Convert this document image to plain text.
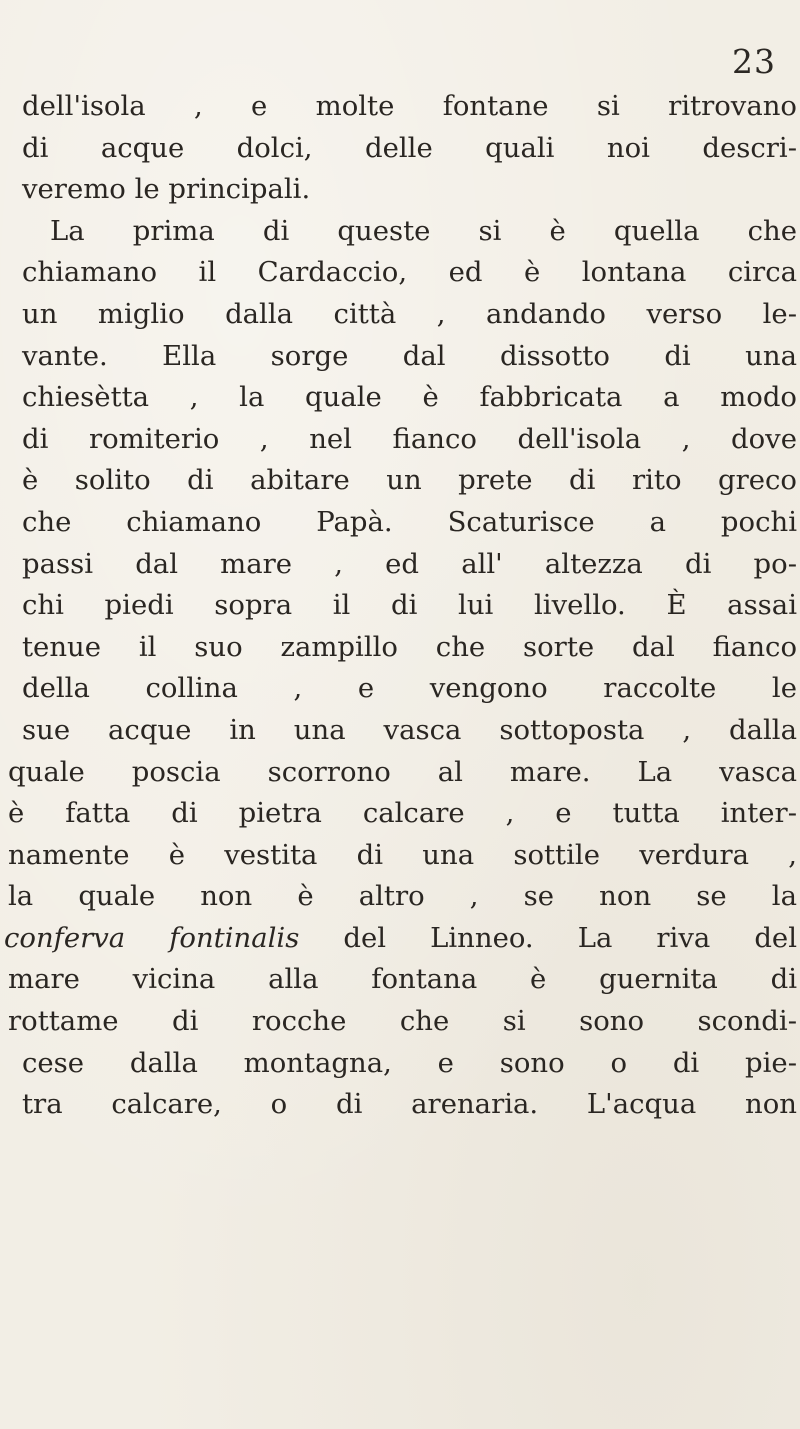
23
dell'isola , e molte fontane si ritrovano
di acque dolci, delle quali noi descri-
veremo le principali.
La prima di queste si è quella che
chiamano il Cardaccio, ed è lontana circa
un miglio dalla città , andando verso le-
vante. Ella sorge dal dissotto di una
chiesètta , la quale è fabbricata a modo
di romiterio , nel fianco dell'isola , dove
è solito di abitare un prete di rito greco
che chiamano Papà. Scaturisce a pochi
passi dal mare , ed all' altezza di po-
chi piedi sopra il di lui livello. È assai
tenue il suo zampillo che sorte dal fianco
della collina , e vengono raccolte le
sue acque in una vasca sottoposta , dalla
quale poscia scorrono al mare. La vasca
è fatta di pietra calcare , e tutta inter-
namente è vestita di una sottile verdura ,
la quale non è altro , se non se la
conferva fontinalis del Linneo. La riva del
mare vicina alla fontana è guernita di
rottame di rocche che si sono scondi-
cese dalla montagna, e sono o di pie-
tra calcare, o di arenaria. L'acqua non
